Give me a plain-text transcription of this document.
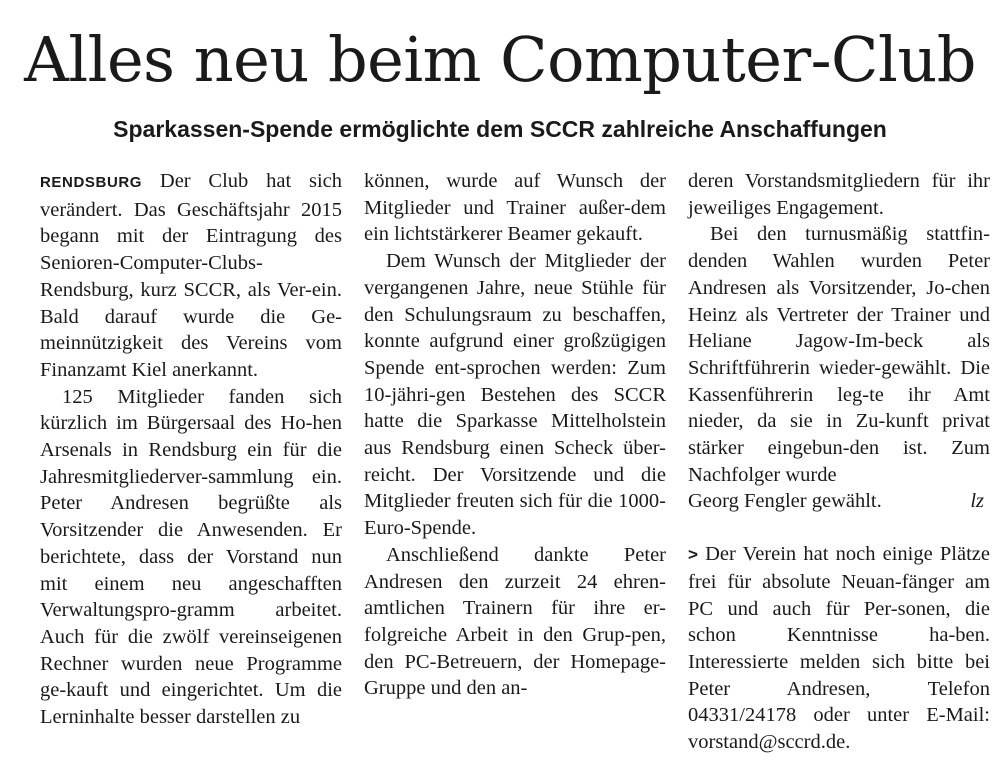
Alles neu beim Computer-Club
Sparkassen-Spende ermöglichte dem SCCR zahlreiche Anschaffungen

RENDSBURG Der Club hat sich verändert. Das Geschäftsjahr 2015 begann mit der Eintragung des Senioren-Computer-Clubs-Rendsburg, kurz SCCR, als Ver-ein. Bald darauf wurde die Ge-meinnützigkeit des Vereins vom Finanzamt Kiel anerkannt.

125 Mitglieder fanden sich kürzlich im Bürgersaal des Ho-hen Arsenals in Rendsburg ein für die Jahresmitgliederver-sammlung ein. Peter Andresen begrüßte als Vorsitzender die Anwesenden. Er berichtete, dass der Vorstand nun mit einem neu angeschafften Verwaltungspro-gramm arbeitet. Auch für die zwölf vereinseigenen Rechner wurden neue Programme ge-kauft und eingerichtet. Um die Lerninhalte besser darstellen zu

können, wurde auf Wunsch der Mitglieder und Trainer außer-dem ein lichtstärkerer Beamer gekauft.

Dem Wunsch der Mitglieder der vergangenen Jahre, neue Stühle für den Schulungsraum zu beschaffen, konnte aufgrund einer großzügigen Spende ent-sprochen werden: Zum 10-jähri-gen Bestehen des SCCR hatte die Sparkasse Mittelholstein aus Rendsburg einen Scheck über-reicht. Der Vorsitzende und die Mitglieder freuten sich für die 1000-Euro-Spende.

Anschließend dankte Peter Andresen den zurzeit 24 ehren-amtlichen Trainern für ihre er-folgreiche Arbeit in den Grup-pen, den PC-Betreuern, der Homepage-Gruppe und den an-

deren Vorstandsmitgliedern für ihr jeweiliges Engagement.

Bei den turnusmäßig stattfin-denden Wahlen wurden Peter Andresen als Vorsitzender, Jo-chen Heinz als Vertreter der Trainer und Heliane Jagow-Im-beck als Schriftführerin wieder-gewählt. Die Kassenführerin leg-te ihr Amt nieder, da sie in Zu-kunft privat stärker eingebun-den ist. Zum Nachfolger wurde

Georg Fengler gewählt.	lz

> Der Verein hat noch einige Plätze frei für absolute Neuan-fänger am PC und auch für Per-sonen, die schon Kenntnisse ha-ben. Interessierte melden sich bitte bei Peter Andresen, Telefon 04331/24178 oder unter E-Mail: vorstand@sccrd.de.
